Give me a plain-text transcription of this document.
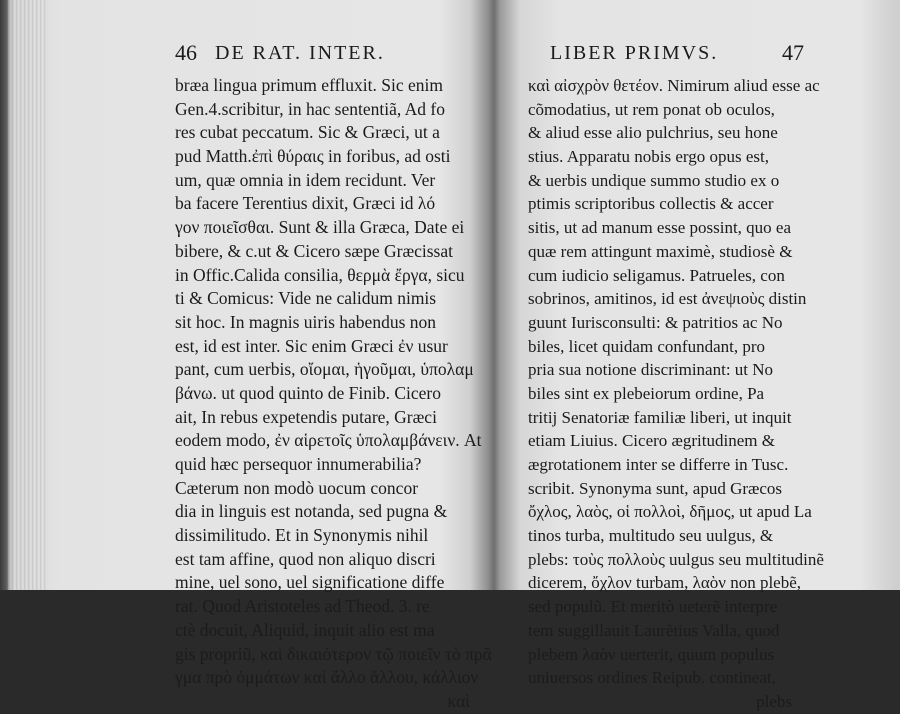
46 DE RAT. INTER.
bræa lingua primum effluxit. Sic enim
Gen.4.scribitur, in hac sententiã, Ad fo
res cubat peccatum. Sic & Græci, ut a
pud Matth.ἐπὶ θύραις in foribus, ad osti
um, quæ omnia in idem recidunt. Ver
ba facere Terentius dixit, Græci id λό
γον ποιεῖσθαι. Sunt & illa Græca, Date ei
bibere, & c.ut & Cicero sæpe Græcissat
in Offic.Calida consilia, θερμὰ ἔργα, sicu
ti & Comicus: Vide ne calidum nimis
sit hoc. In magnis uiris habendus non
est, id est inter. Sic enim Græci ἐν usur
pant, cum uerbis, οἴομαι, ἡγοῦμαι, ὑπολαμ
βάνω. ut quod quinto de Finib. Cicero
ait, In rebus expetendis putare, Græci
eodem modo, ἐν αἱρετοῖς ὑπολαμβάνειν. At
quid hæc persequor innumerabilia?
Cæterum non modò uocum concor
dia in linguis est notanda, sed pugna &
dissimilitudo. Et in Synonymis nihil
est tam affine, quod non aliquo discri
mine, uel sono, uel significatione diffe
rat. Quod Aristoteles ad Theod. 3. re
ctè docuit, Aliquid, inquit alio est ma
gis propriũ, καὶ δικαιότερον τῷ ποιεῖν τὸ πρᾶ
γμα πρὸ ὀμμάτων καὶ ἄλλο ἄλλου, κάλλιον
καὶ
LIBER PRIMVS.	47
καὶ αἰσχρὸν θετέον. Nimirum aliud esse ac
cõmodatius, ut rem ponat ob oculos,
& aliud esse alio pulchrius, seu hone
stius. Apparatu nobis ergo opus est,
& uerbis undique summo studio ex o
ptimis scriptoribus collectis & accer
sitis, ut ad manum esse possint, quo ea
quæ rem attingunt maximè, studiosè &
cum iudicio seligamus. Patrueles, con
sobrinos, amitinos, id est ἀνεψιοὺς distin
guunt Iurisconsulti: & patritios ac No
biles, licet quidam confundant, pro
pria sua notione discriminant: ut No
biles sint ex plebeiorum ordine, Pa
tritij Senatoriæ familiæ liberi, ut inquit
etiam Liuius. Cicero ægritudinem &
ægrotationem inter se differre in Tusc.
scribit. Synonyma sunt, apud Græcos
ὄχλος, λαὸς, οἱ πολλοὶ, δῆμος, ut apud La
tinos turba, multitudo seu uulgus, &
plebs: τοὺς πολλοὺς uulgus seu multitudinẽ
dicerem, ὄχλον turbam, λαὸν non plebẽ,
sed populũ. Et meritò ueterẽ interpre
tem suggillauit Laurẽtius Valla, quod
plebem λαὸν uerterit, quum populus
uniuersos ordines Reipub. contineat,
plebs
